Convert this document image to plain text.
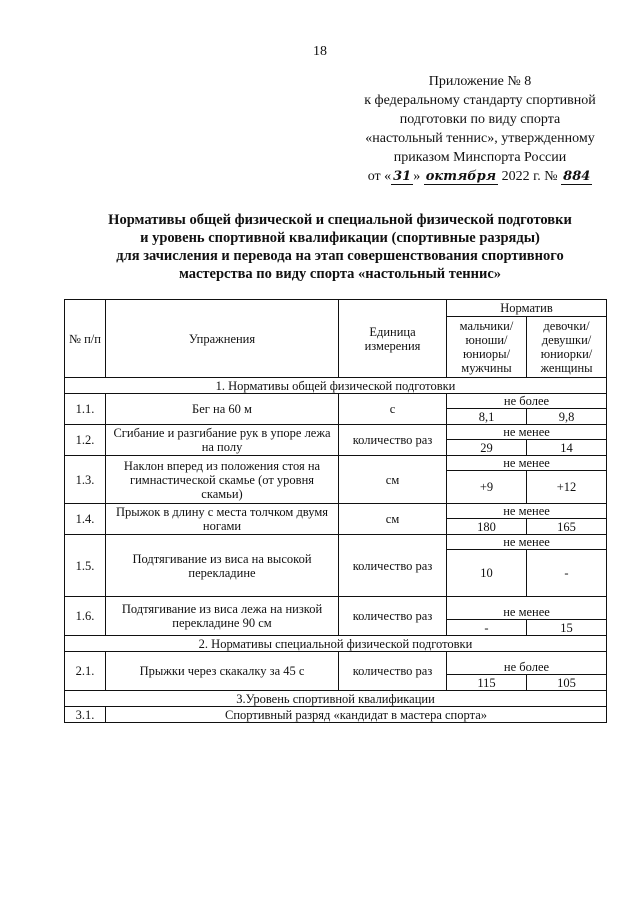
18
Приложение № 8
к федеральному стандарту спортивной
подготовки по виду спорта
«настольный теннис», утвержденному
приказом Минспорта России
от « 31 » октября 2022 г. № 884
Нормативы общей физической и специальной физической подготовки
и уровень спортивной квалификации (спортивные разряды)
для зачисления и перевода на этап совершенствования спортивного
мастерства по виду спорта «настольный теннис»
№ п/п	Упражнения	Единица измерения	Норматив	
			мальчики/ юноши/ юниоры/ мужчины	девочки/ девушки/ юниорки/ женщины
1. Нормативы общей физической подготовки				
1.1.	Бег на 60 м	с	не более	
			8,1	9,8
1.2.	Сгибание и разгибание рук в упоре лежа на полу	количество раз	не менее	
			29	14
1.3.	Наклон вперед из положения стоя на гимнастической скамье (от уровня скамьи)	см	не менее	
			+9	+12
1.4.	Прыжок в длину с места толчком двумя ногами	см	не менее	
			180	165
1.5.	Подтягивание из виса на высокой перекладине	количество раз	не менее	
			10	-
1.6.	Подтягивание из виса лежа на низкой перекладине 90 см	количество раз		
			не менее	
			-	15
2. Нормативы специальной физической подготовки				
2.1.	Прыжки через скакалку за 45 с	количество раз		
			не более	
			115	105
3.Уровень спортивной квалификации				
3.1.	Спортивный разряд «кандидат в мастера спорта»			
